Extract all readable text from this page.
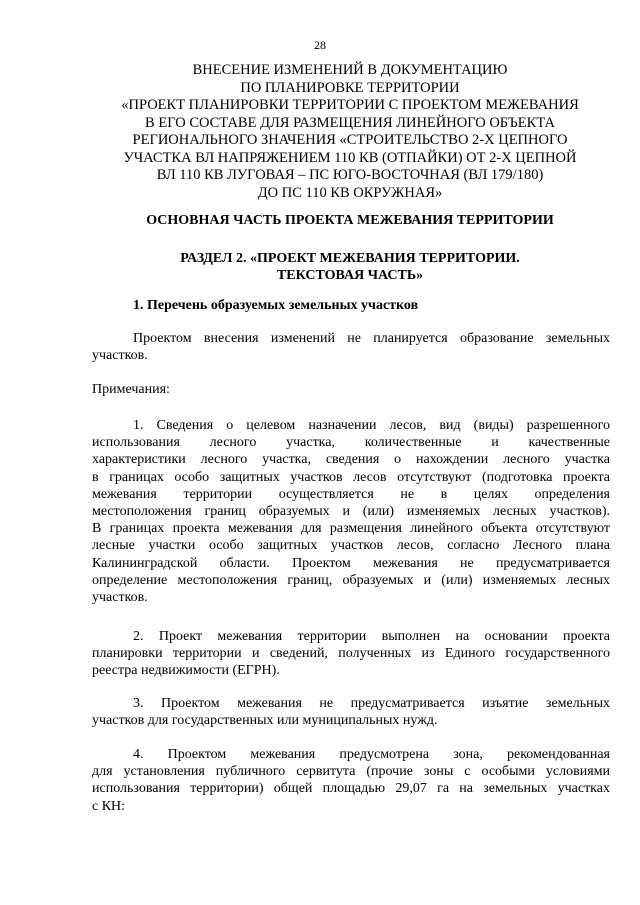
28
ВНЕСЕНИЕ ИЗМЕНЕНИЙ В ДОКУМЕНТАЦИЮ
ПО ПЛАНИРОВКЕ ТЕРРИТОРИИ
«ПРОЕКТ ПЛАНИРОВКИ ТЕРРИТОРИИ С ПРОЕКТОМ МЕЖЕВАНИЯ
В ЕГО СОСТАВЕ ДЛЯ РАЗМЕЩЕНИЯ ЛИНЕЙНОГО ОБЪЕКТА
РЕГИОНАЛЬНОГО ЗНАЧЕНИЯ «СТРОИТЕЛЬСТВО 2-Х ЦЕПНОГО
УЧАСТКА ВЛ НАПРЯЖЕНИЕМ 110 КВ (ОТПАЙКИ) ОТ 2-Х ЦЕПНОЙ
ВЛ 110 КВ ЛУГОВАЯ – ПС ЮГО-ВОСТОЧНАЯ (ВЛ 179/180)
ДО ПС 110 КВ ОКРУЖНАЯ»
ОСНОВНАЯ ЧАСТЬ ПРОЕКТА МЕЖЕВАНИЯ ТЕРРИТОРИИ
РАЗДЕЛ 2. «ПРОЕКТ МЕЖЕВАНИЯ ТЕРРИТОРИИ.
ТЕКСТОВАЯ ЧАСТЬ»
1. Перечень образуемых земельных участков
Проектом внесения изменений не планируется образование земельных
участков.
Примечания:
1. Сведения о целевом назначении лесов, вид (виды) разрешенного
использования лесного участка, количественные и качественные
характеристики лесного участка, сведения о нахождении лесного участка
в границах особо защитных участков лесов отсутствуют (подготовка проекта
межевания территории осуществляется не в целях определения
местоположения границ образуемых и (или) изменяемых лесных участков).
В границах проекта межевания для размещения линейного объекта отсутствуют
лесные участки особо защитных участков лесов, согласно Лесного плана
Калининградской области. Проектом межевания не предусматривается
определение местоположения границ, образуемых и (или) изменяемых лесных
участков.
2. Проект межевания территории выполнен на основании проекта
планировки территории и сведений, полученных из Единого государственного
реестра недвижимости (ЕГРН).
3. Проектом межевания не предусматривается изъятие земельных
участков для государственных или муниципальных нужд.
4. Проектом межевания предусмотрена зона, рекомендованная
для установления публичного сервитута (прочие зоны с особыми условиями
использования территории) общей площадью 29,07 га на земельных участках
с КН:
